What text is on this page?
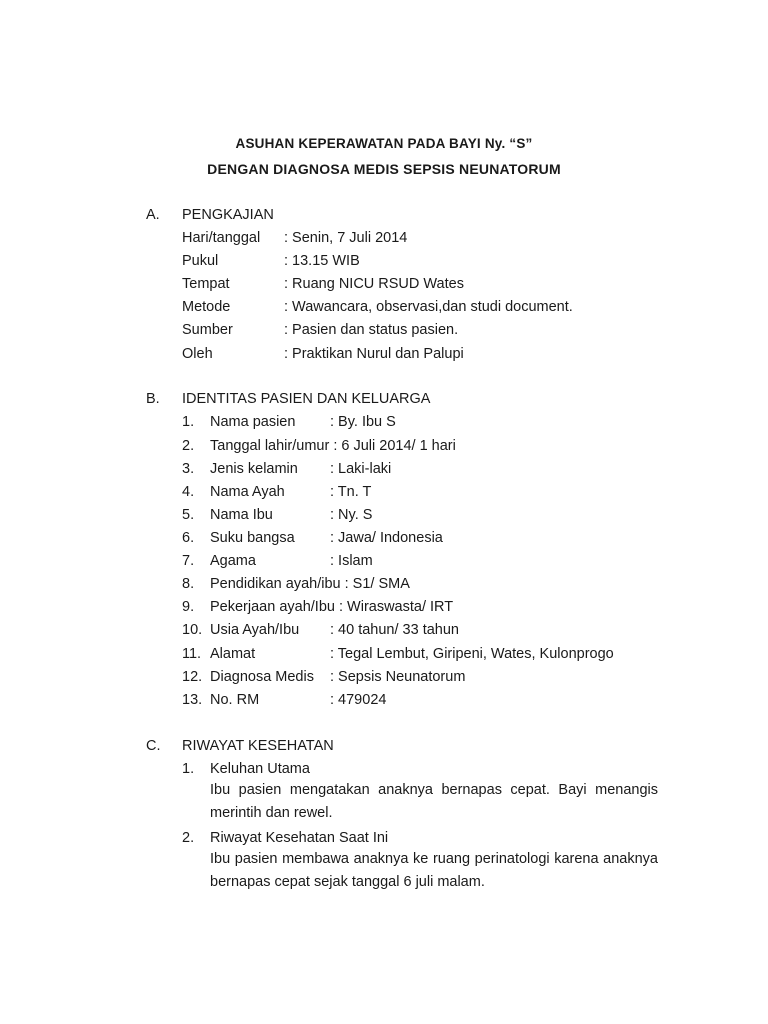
ASUHAN KEPERAWATAN PADA BAYI Ny. “S”
DENGAN DIAGNOSA MEDIS SEPSIS NEUNATORUM
A. PENGKAJIAN
Hari/tanggal : Senin, 7 Juli 2014
Pukul	: 13.15 WIB
Tempat	: Ruang NICU RSUD Wates
Metode	: Wawancara, observasi,dan studi document.
Sumber	: Pasien dan status pasien.
Oleh	: Praktikan Nurul dan Palupi
B. IDENTITAS PASIEN DAN KELUARGA
1. Nama pasien : By. Ibu S
2. Tanggal lahir/umur : 6 Juli 2014/ 1 hari
3. Jenis kelamin : Laki-laki
4. Nama Ayah	: Tn. T
5. Nama Ibu	: Ny. S
6. Suku bangsa : Jawa/ Indonesia
7. Agama	: Islam
8. Pendidikan ayah/ibu : S1/ SMA
9. Pekerjaan ayah/Ibu : Wiraswasta/ IRT
10. Usia Ayah/Ibu : 40 tahun/ 33 tahun
11. Alamat	: Tegal Lembut, Giripeni, Wates, Kulonprogo
12. Diagnosa Medis : Sepsis Neunatorum
13. No. RM	: 479024
C. RIWAYAT KESEHATAN
1. Keluhan Utama
Ibu pasien mengatakan anaknya bernapas cepat. Bayi menangis merintih dan rewel.
2. Riwayat Kesehatan Saat Ini
Ibu pasien membawa anaknya ke ruang perinatologi karena anaknya bernapas cepat sejak tanggal 6 juli malam.
